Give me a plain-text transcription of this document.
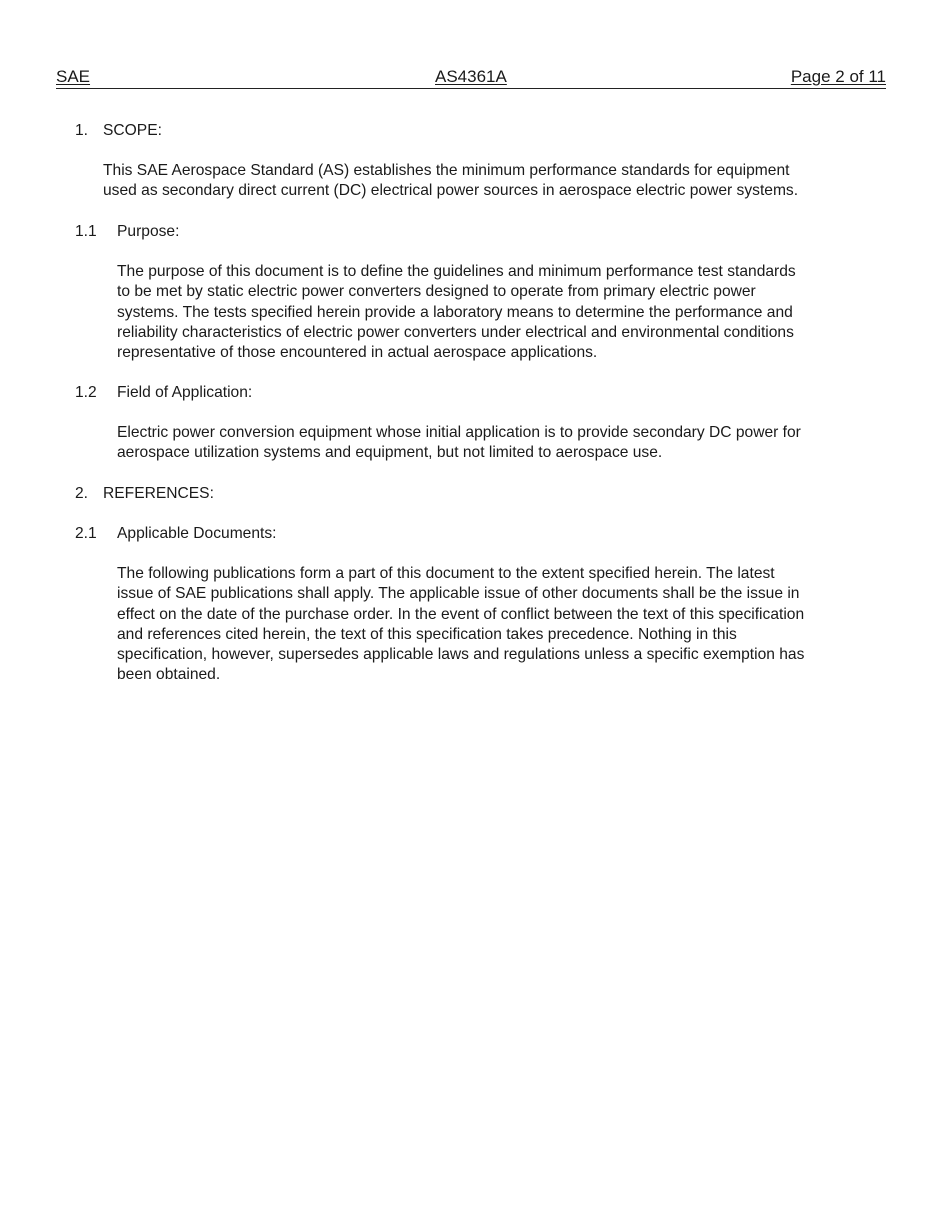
SAE	AS4361A	Page 2 of 11
1. SCOPE:
This SAE Aerospace Standard (AS) establishes the minimum performance standards for equipment
used as secondary direct current (DC) electrical power sources in aerospace electric power systems.
1.1 Purpose:
The purpose of this document is to define the guidelines and minimum performance test standards
to be met by static electric power converters designed to operate from primary electric power
systems. The tests specified herein provide a laboratory means to determine the performance and
reliability characteristics of electric power converters under electrical and environmental conditions
representative of those encountered in actual aerospace applications.
1.2 Field of Application:
Electric power conversion equipment whose initial application is to provide secondary DC power for
aerospace utilization systems and equipment, but not limited to aerospace use.
2. REFERENCES:
2.1 Applicable Documents:
The following publications form a part of this document to the extent specified herein. The latest
issue of SAE publications shall apply. The applicable issue of other documents shall be the issue in
effect on the date of the purchase order. In the event of conflict between the text of this specification
and references cited herein, the text of this specification takes precedence. Nothing in this
specification, however, supersedes applicable laws and regulations unless a specific exemption has
been obtained.
